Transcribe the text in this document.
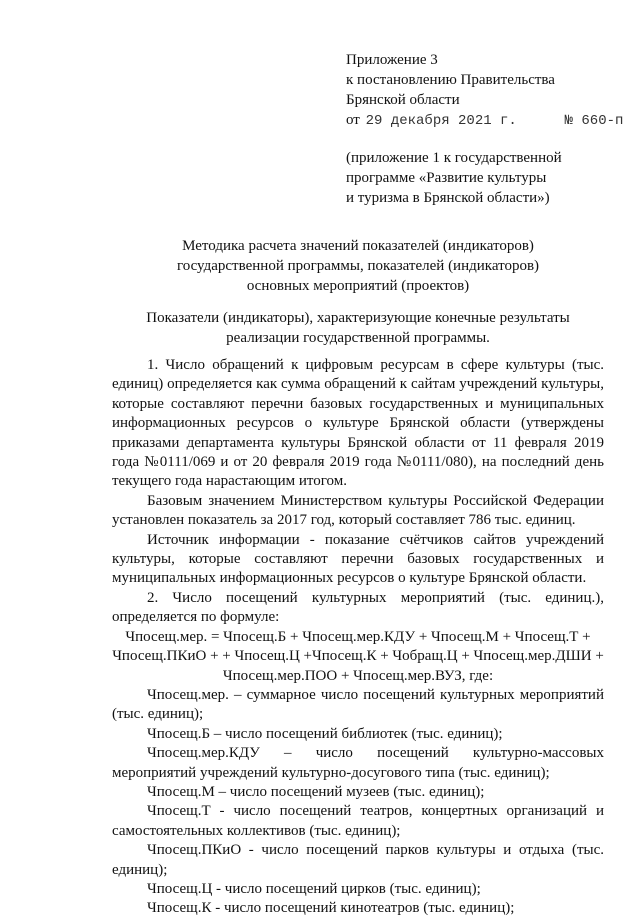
Приложение 3
к постановлению Правительства
Брянской области
от 29 декабря 2021 г.	№ 660-п
(приложение 1 к государственной
программе «Развитие культуры
и туризма в Брянской области»)
Методика расчета значений показателей (индикаторов)
государственной программы, показателей (индикаторов)
основных мероприятий (проектов)
Показатели (индикаторы), характеризующие конечные результаты
реализации государственной программы.

1. Число обращений к цифровым ресурсам в сфере культуры (тыс. единиц) определяется как сумма обращений к сайтам учреждений культуры, которые составляют перечни базовых государственных и муниципальных информационных ресурсов о культуре Брянской области (утверждены приказами департамента культуры Брянской области от 11 февраля 2019 года №0111/069 и от 20 февраля 2019 года №0111/080), на последний день текущего года нарастающим итогом.

Базовым значением Министерством культуры Российской Федерации установлен показатель за 2017 год, который составляет 786 тыс. единиц.

Источник информации - показание счётчиков сайтов учреждений культуры, которые составляют перечни базовых государственных и муниципальных информационных ресурсов о культуре Брянской области.

2. Число посещений культурных мероприятий (тыс. единиц.), определяется по формуле:

Чпосещ.мер. = Чпосещ.Б + Чпосещ.мер.КДУ + Чпосещ.М + Чпосещ.Т + Чпосещ.ПКиО + + Чпосещ.Ц +Чпосещ.К + Чобращ.Ц + Чпосещ.мер.ДШИ + Чпосещ.мер.ПОО + Чпосещ.мер.ВУЗ, где:

Чпосещ.мер. – суммарное число посещений культурных мероприятий (тыс. единиц);

Чпосещ.Б – число посещений библиотек (тыс. единиц);

Чпосещ.мер.КДУ – число посещений культурно-массовых мероприятий учреждений культурно-досугового типа (тыс. единиц);

Чпосещ.М – число посещений музеев (тыс. единиц);

Чпосещ.Т - число посещений театров, концертных организаций и самостоятельных коллективов (тыс. единиц);

Чпосещ.ПКиО - число посещений парков культуры и отдыха (тыс. единиц);

Чпосещ.Ц - число посещений цирков (тыс. единиц);

Чпосещ.К - число посещений кинотеатров (тыс. единиц);
